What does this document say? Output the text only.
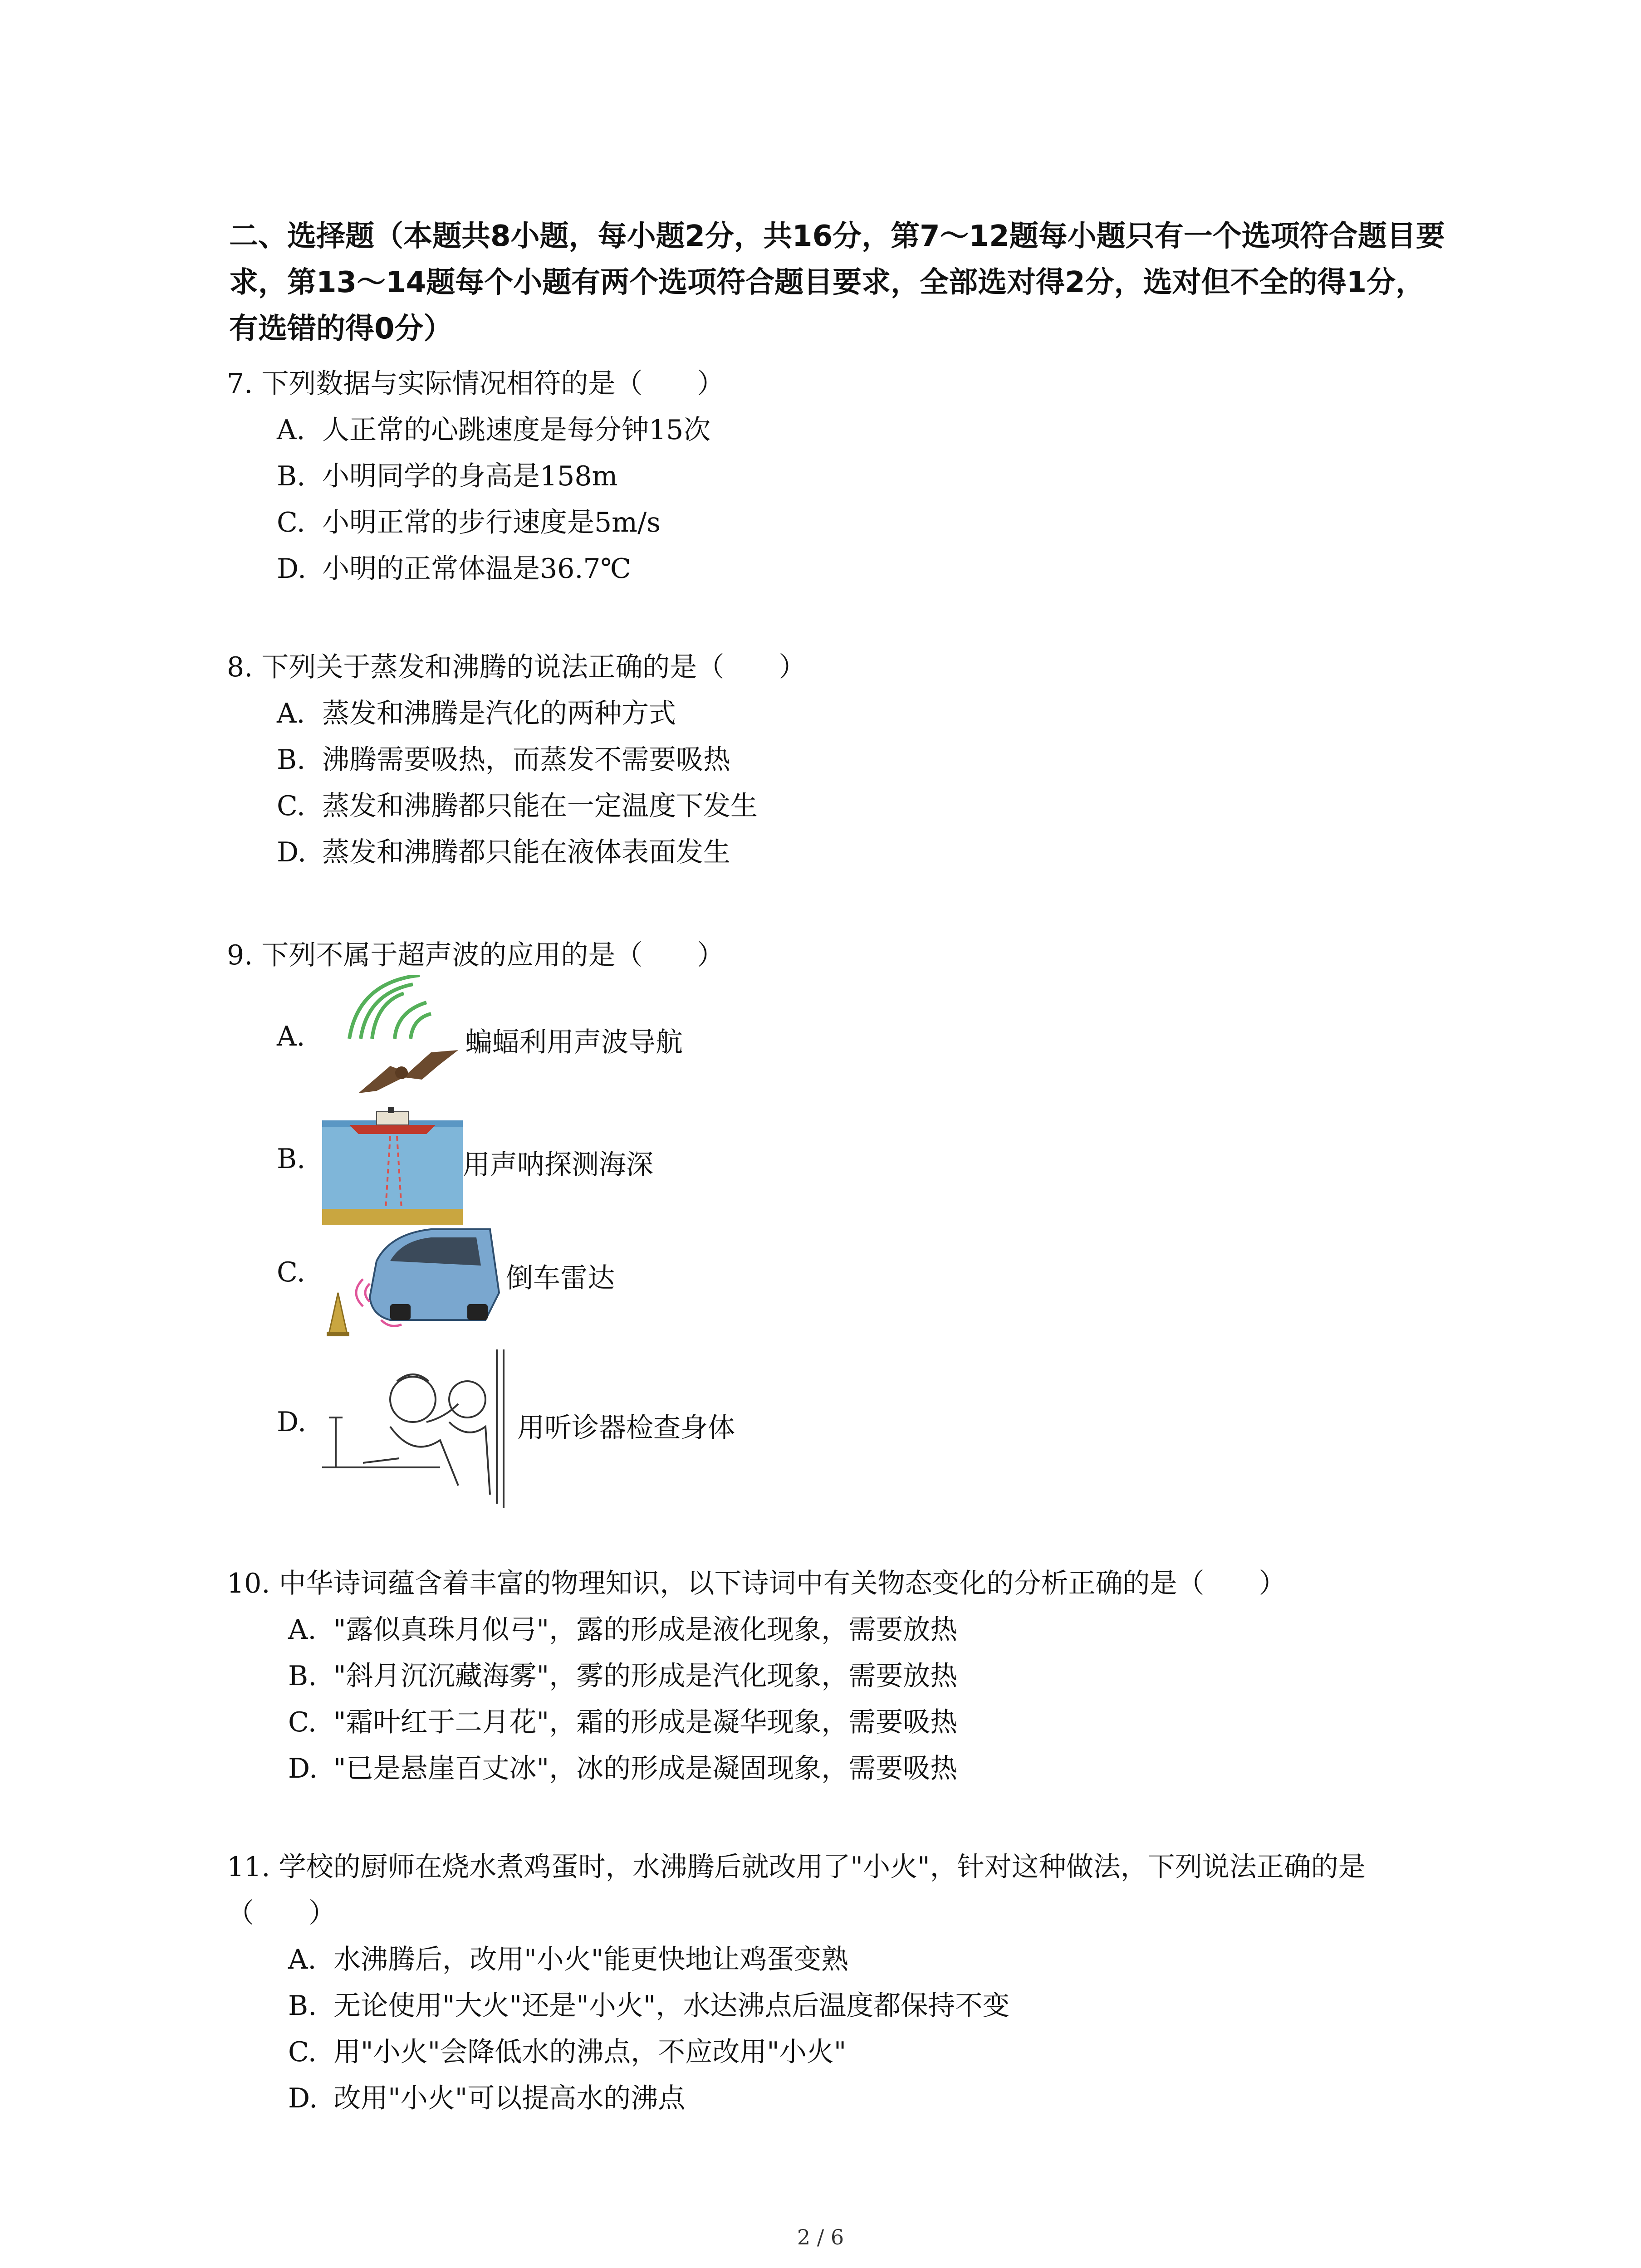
二、选择题（本题共8小题，每小题2分，共16分，第7～12题每小题只有一个选项符合题目要求，第13～14题每个小题有两个选项符合题目要求，全部选对得2分，选对但不全的得1分，有选错的得0分）
7. 下列数据与实际情况相符的是（　　）
A. 人正常的心跳速度是每分钟15次
B. 小明同学的身高是158m
C. 小明正常的步行速度是5m/s
D. 小明的正常体温是36.7℃
8. 下列关于蒸发和沸腾的说法正确的是（　　）
A. 蒸发和沸腾是汽化的两种方式
B. 沸腾需要吸热，而蒸发不需要吸热
C. 蒸发和沸腾都只能在一定温度下发生
D. 蒸发和沸腾都只能在液体表面发生
9. 下列不属于超声波的应用的是（　　）
A.	蝙蝠利用声波导航
B.	用声呐探测海深
C.	倒车雷达
D.	用听诊器检查身体
10. 中华诗词蕴含着丰富的物理知识，以下诗词中有关物态变化的分析正确的是（　　）
A. "露似真珠月似弓"，露的形成是液化现象，需要放热
B. "斜月沉沉藏海雾"，雾的形成是汽化现象，需要放热
C. "霜叶红于二月花"，霜的形成是凝华现象，需要吸热
D. "已是悬崖百丈冰"，冰的形成是凝固现象，需要吸热
11. 学校的厨师在烧水煮鸡蛋时，水沸腾后就改用了"小火"，针对这种做法，下列说法正确的是（　　）
A. 水沸腾后，改用"小火"能更快地让鸡蛋变熟
B. 无论使用"大火"还是"小火"，水达沸点后温度都保持不变
C. 用"小火"会降低水的沸点，不应改用"小火"
D. 改用"小火"可以提高水的沸点
2 / 6
